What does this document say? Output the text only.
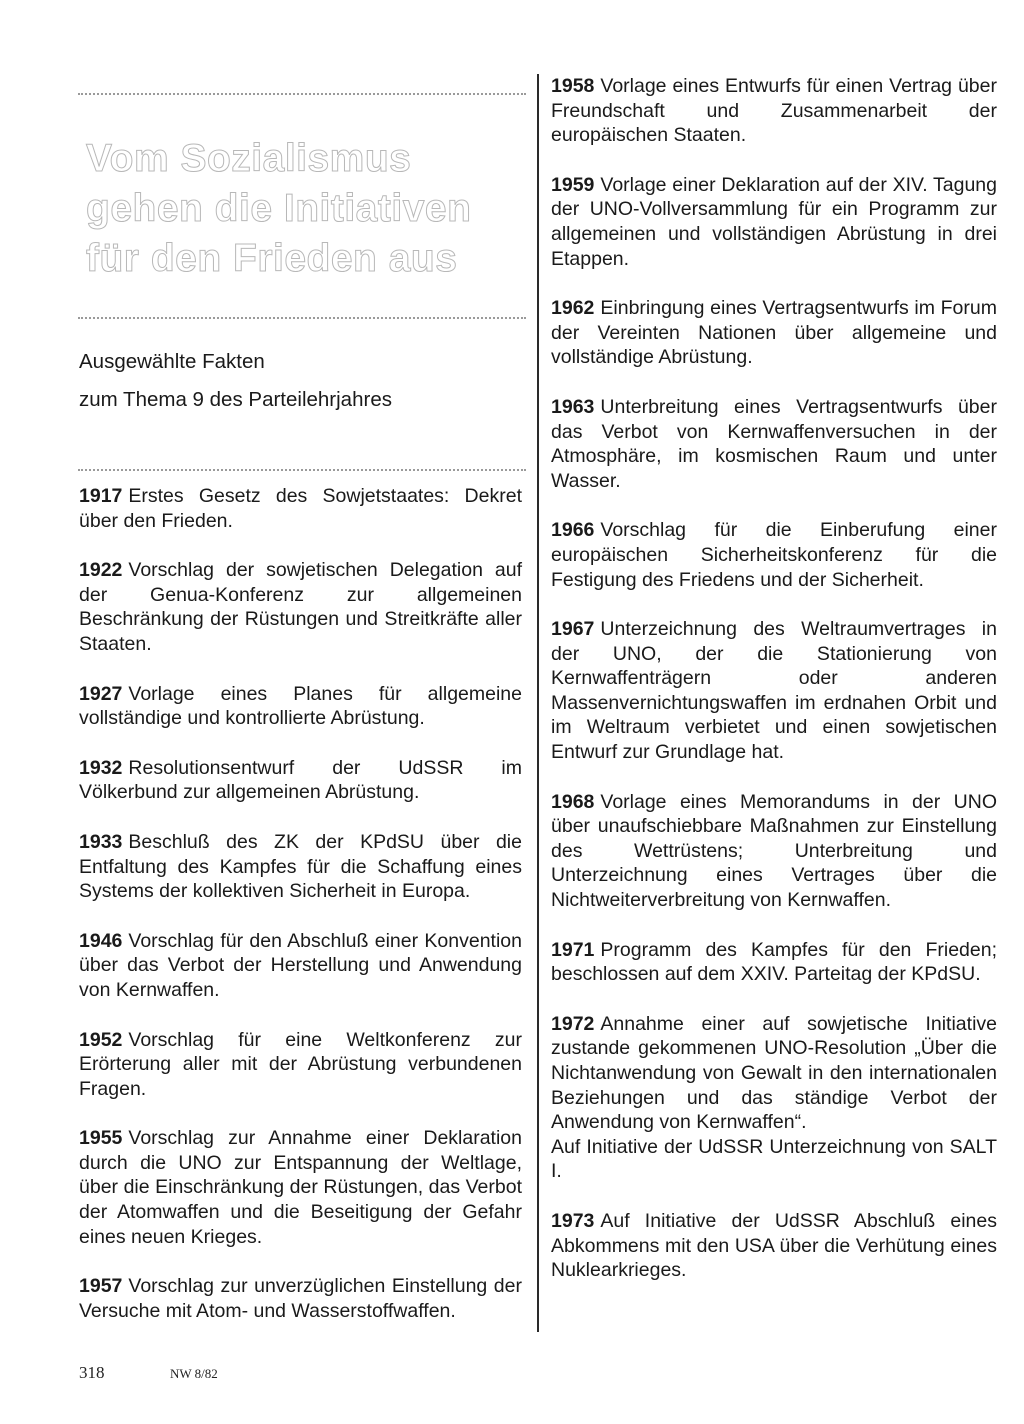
Vom Sozialismus
gehen die Initiativen
für den Frieden aus
Ausgewählte Fakten
zum Thema 9 des Parteilehrjahres

1917 Erstes Gesetz des Sowjetstaates: Dekret über den Frieden.

1922 Vorschlag der sowjetischen Delegation auf der Genua-Konferenz zur allgemeinen Beschränkung der Rüstungen und Streitkräfte aller Staaten.

1927 Vorlage eines Planes für allgemeine vollständige und kontrollierte Abrüstung.

1932 Resolutionsentwurf der UdSSR im Völkerbund zur allgemeinen Abrüstung.

1933 Beschluß des ZK der KPdSU über die Entfaltung des Kampfes für die Schaffung eines Systems der kollektiven Sicherheit in Europa.

1946 Vorschlag für den Abschluß einer Konvention über das Verbot der Herstellung und Anwendung von Kernwaffen.

1952 Vorschlag für eine Weltkonferenz zur Erörterung aller mit der Abrüstung verbundenen Fragen.

1955 Vorschlag zur Annahme einer Deklaration durch die UNO zur Entspannung der Weltlage, über die Einschränkung der Rüstungen, das Verbot der Atomwaffen und die Beseitigung der Gefahr eines neuen Krieges.

1957 Vorschlag zur unverzüglichen Einstellung der Versuche mit Atom- und Wasserstoffwaffen.

1958 Vorlage eines Entwurfs für einen Vertrag über Freundschaft und Zusammenarbeit der europäischen Staaten.

1959 Vorlage einer Deklaration auf der XIV. Tagung der UNO-Vollversammlung für ein Programm zur allgemeinen und vollständigen Abrüstung in drei Etappen.

1962 Einbringung eines Vertragsentwurfs im Forum der Vereinten Nationen über allgemeine und vollständige Abrüstung.

1963 Unterbreitung eines Vertragsentwurfs über das Verbot von Kernwaffenversuchen in der Atmosphäre, im kosmischen Raum und unter Wasser.

1966 Vorschlag für die Einberufung einer europäischen Sicherheitskonferenz für die Festigung des Friedens und der Sicherheit.

1967 Unterzeichnung des Weltraumvertrages in der UNO, der die Stationierung von Kernwaffenträgern oder anderen Massenvernichtungswaffen im erdnahen Orbit und im Weltraum verbietet und einen sowjetischen Entwurf zur Grundlage hat.

1968 Vorlage eines Memorandums in der UNO über unaufschiebbare Maßnahmen zur Einstellung des Wettrüstens; Unterbreitung und Unterzeichnung eines Vertrages über die Nichtweiterverbreitung von Kernwaffen.

1971 Programm des Kampfes für den Frieden; beschlossen auf dem XXIV. Parteitag der KPdSU.

1972 Annahme einer auf sowjetische Initiative zustande gekommenen UNO-Resolution „Über die Nichtanwendung von Gewalt in den internationalen Beziehungen und das ständige Verbot der Anwendung von Kernwaffen“.
Auf Initiative der UdSSR Unterzeichnung von SALT I.

1973 Auf Initiative der UdSSR Abschluß eines Abkommens mit den USA über die Verhütung eines Nuklearkrieges.

318	NW 8/82
